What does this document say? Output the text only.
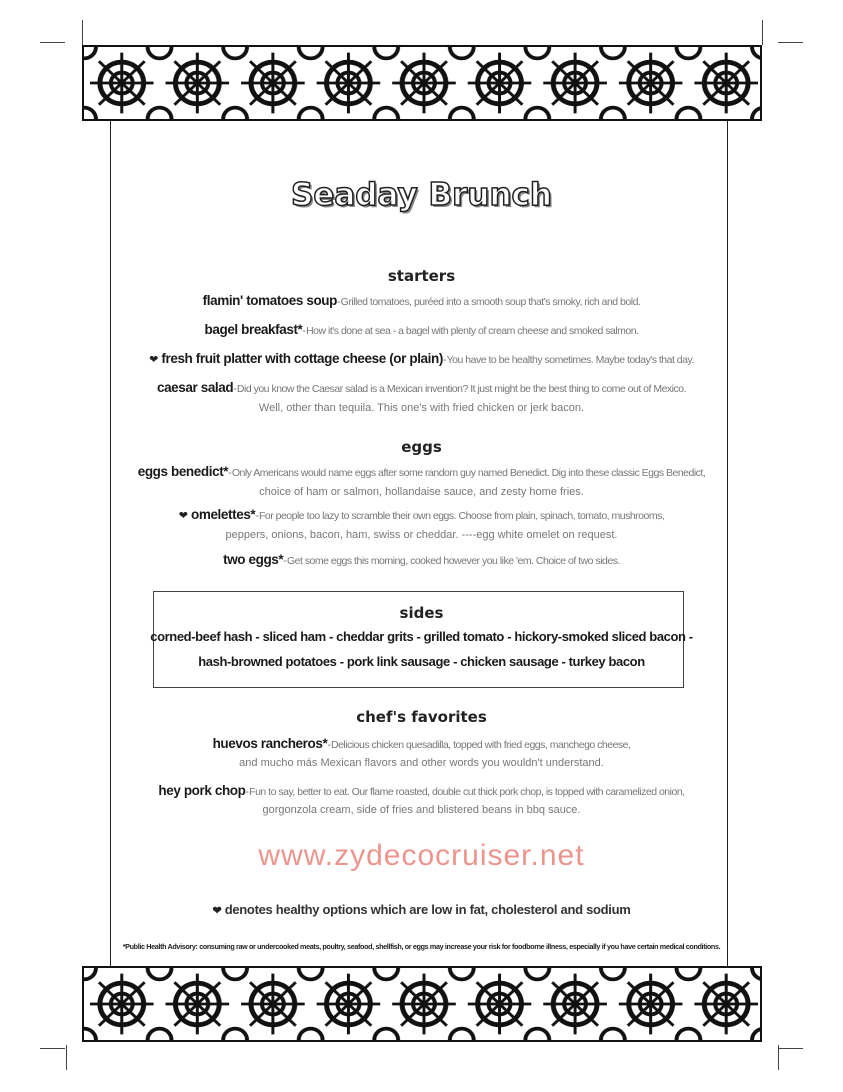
Seaday Brunch
starters
flamin' tomatoes soup-Grilled tomatoes, puréed into a smooth soup that's smoky, rich and bold.
bagel breakfast*-How it's done at sea - a bagel with plenty of cream cheese and smoked salmon.
❤ fresh fruit platter with cottage cheese (or plain)-You have to be healthy sometimes. Maybe today's that day.
caesar salad-Did you know the Caesar salad is a Mexican invention? It just might be the best thing to come out of Mexico.
Well, other than tequila. This one's with fried chicken or jerk bacon.
eggs
eggs benedict*-Only Americans would name eggs after some random guy named Benedict. Dig into these classic Eggs Benedict,
choice of ham or salmon, hollandaise sauce, and zesty home fries.
❤ omelettes*-For people too lazy to scramble their own eggs. Choose from plain, spinach, tomato, mushrooms,
peppers, onions, bacon, ham, swiss or cheddar. ----egg white omelet on request.
two eggs*-Get some eggs this morning, cooked however you like 'em. Choice of two sides.
sides
corned-beef hash - sliced ham - cheddar grits - grilled tomato - hickory-smoked sliced bacon -
hash-browned potatoes - pork link sausage - chicken sausage - turkey bacon
chef's favorites
huevos rancheros*-Delicious chicken quesadilla, topped with fried eggs, manchego cheese,
and mucho más Mexican flavors and other words you wouldn't understand.
hey pork chop-Fun to say, better to eat. Our flame roasted, double cut thick pork chop, is topped with caramelized onion,
gorgonzola cream, side of fries and blistered beans in bbq sauce.
www.zydecocruiser.net
❤ denotes healthy options which are low in fat, cholesterol and sodium
*Public Health Advisory: consuming raw or undercooked meats, poultry, seafood, shellfish, or eggs may increase your risk for foodborne illness, especially if you have certain medical conditions.
